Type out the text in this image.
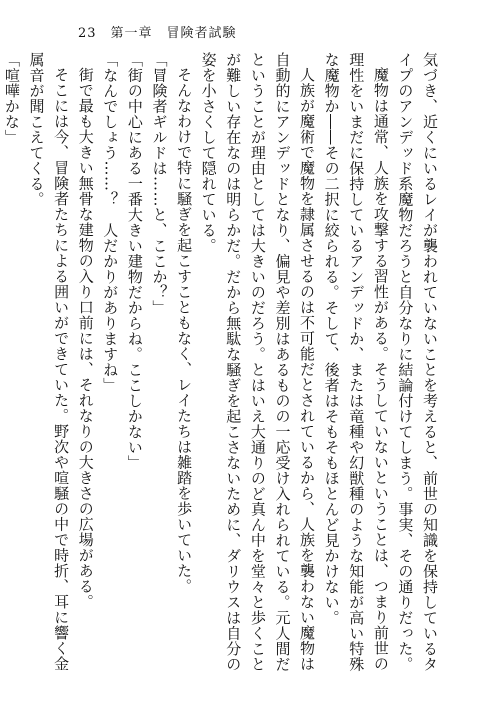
23 第一章　冒険者試験

気づき、近くにいるレイが襲われていないことを考えると、前世の知識を保持しているタ

イプのアンデッド系魔物だろうと自分なりに結論付けてしまう。事実、その通りだった。

魔物は通常、人族を攻撃する習性がある。そうしていないということは、つまり前世の

理性をいまだに保持しているアンデッドか、または竜種や幻獣種のような知能が高い特殊

な魔物か――その二択に絞られる。そして、後者はそもそもほとんど見かけない。

人族が魔術で魔物を隷属させるのは不可能だとされているから、人族を襲わない魔物は

自動的にアンデッドとなり、偏見や差別はあるものの一応受け入れられている。元人間だ

ということが理由としては大きいのだろう。とはいえ大通りのど真ん中を堂々と歩くこと

が難しい存在なのは明らかだ。だから無駄な騒ぎを起こさないために、ダリウスは自分の

姿を小さくして隠れている。

そんなわけで特に騒ぎを起こすこともなく、レイたちは雑踏を歩いていた。

「冒険者ギルドは……と、ここか？」

「街の中心にある一番大きい建物だからね。ここしかない」

「なんでしょう……？　人だかりがありますね」

街で最も大きい無骨な建物の入り口前には、それなりの大きさの広場がある。

そこには今、冒険者たちによる囲いができていた。野次や喧騒の中で時折、耳に響く金

属音が聞こえてくる。

「喧嘩かな」
